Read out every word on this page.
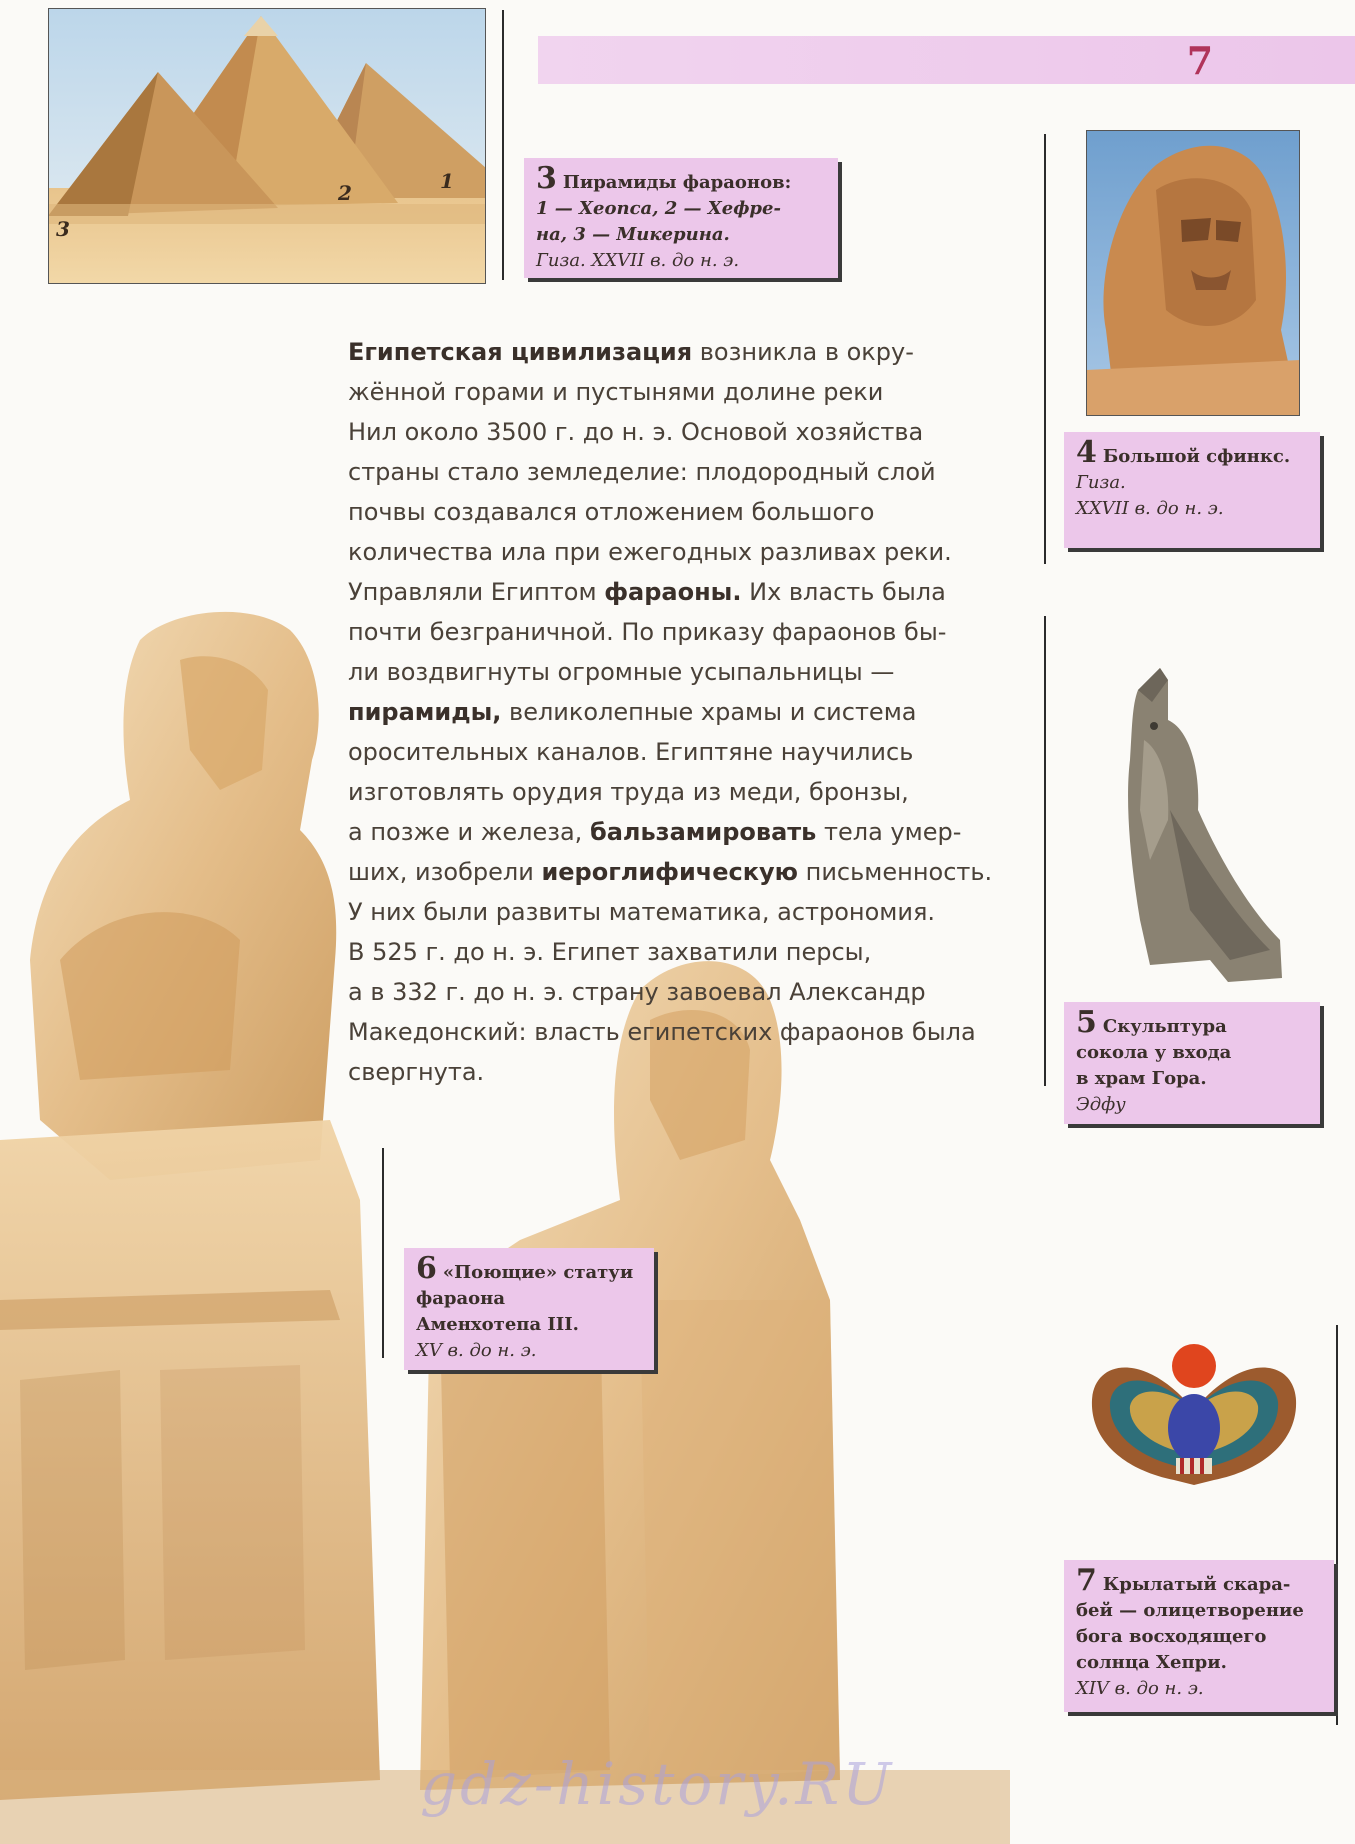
7
1
2
3
3 Пирамиды фараонов:
1 — Хеопса, 2 — Хефре-
на, 3 — Микерина.
Гиза. XXVII в. до н. э.
4 Большой сфинкс.
Гиза.
XXVII в. до н. э.
5 Скульптура
сокола у входа
в храм Гора.
Эдфу
7 Крылатый скара-
бей — олицетворение
бога восходящего
солнца Хепри.
XIV в. до н. э.
6 «Поющие» статуи
фараона
Аменхотепа III.
XV в. до н. э.
Египетская цивилизация возникла в окру-
жённой горами и пустынями долине реки
Нил около 3500 г. до н. э. Основой хозяйства
страны стало земледелие: плодородный слой
почвы создавался отложением большого
количества ила при ежегодных разливах реки.
Управляли Египтом фараоны. Их власть была
почти безграничной. По приказу фараонов бы-
ли воздвигнуты огромные усыпальницы —
пирамиды, великолепные храмы и система
оросительных каналов. Египтяне научились
изготовлять орудия труда из меди, бронзы,
а позже и железа, бальзамировать тела умер-
ших, изобрели иероглифическую письменность.
У них были развиты математика, астрономия.
В 525 г. до н. э. Египет захватили персы,
а в 332 г. до н. э. страну завоевал Александр
Македонский: власть египетских фараонов была
свергнута.
gdz-history.RU
